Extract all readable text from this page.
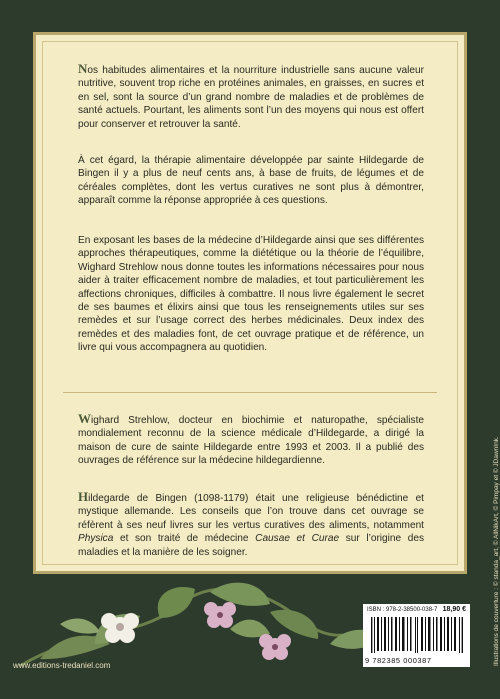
Nos habitudes alimentaires et la nourriture industrielle sans aucune valeur nutritive, souvent trop riche en protéines animales, en graisses, en sucres et en sel, sont la source d’un grand nombre de maladies et de problèmes de santé actuels. Pourtant, les aliments sont l’un des moyens qui nous est offert pour conserver et retrouver la santé.

À cet égard, la thérapie alimentaire développée par sainte Hildegarde de Bingen il y a plus de neuf cents ans, à base de fruits, de légumes et de céréales complètes, dont les vertus curatives ne sont plus à démontrer, apparaît comme la réponse appropriée à ces questions.

En exposant les bases de la médecine d’Hildegarde ainsi que ses différentes approches thérapeutiques, comme la diététique ou la théorie de l’équilibre, Wighard Strehlow nous donne toutes les informations nécessaires pour nous aider à traiter efficacement nombre de maladies, et tout particulièrement les affections chroniques, difficiles à combattre. Il nous livre également le secret de ses baumes et élixirs ainsi que tous les renseignements utiles sur ses remèdes et sur l’usage correct des herbes médicinales. Deux index des remèdes et des maladies font, de cet ouvrage pratique et de référence, un livre qui vous accompagnera au quotidien.

Wighard Strehlow, docteur en biochimie et naturopathe, spécialiste mondialement reconnu de la science médicale d’Hildegarde, a dirigé la maison de cure de sainte Hildegarde entre 1993 et 2003. Il a publié des ouvrages de référence sur la médecine hildegardienne.

Hildegarde de Bingen (1098-1179) était une religieuse bénédictine et mystique allemande. Les conseils que l’on trouve dans cet ouvrage se réfèrent à ses neuf livres sur les vertus curatives des aliments, notamment Physica et son traité de médecine Causae et Curae sur l’origine des maladies et la manière de les soigner.

www.editions-tredaniel.com
ISBN : 978-2-38500-038-7 18,90 €
9 782385 000387	Illustrations de couverture : © standa_art, © AllNikArt, © Pimpay et © JDawnInk.
